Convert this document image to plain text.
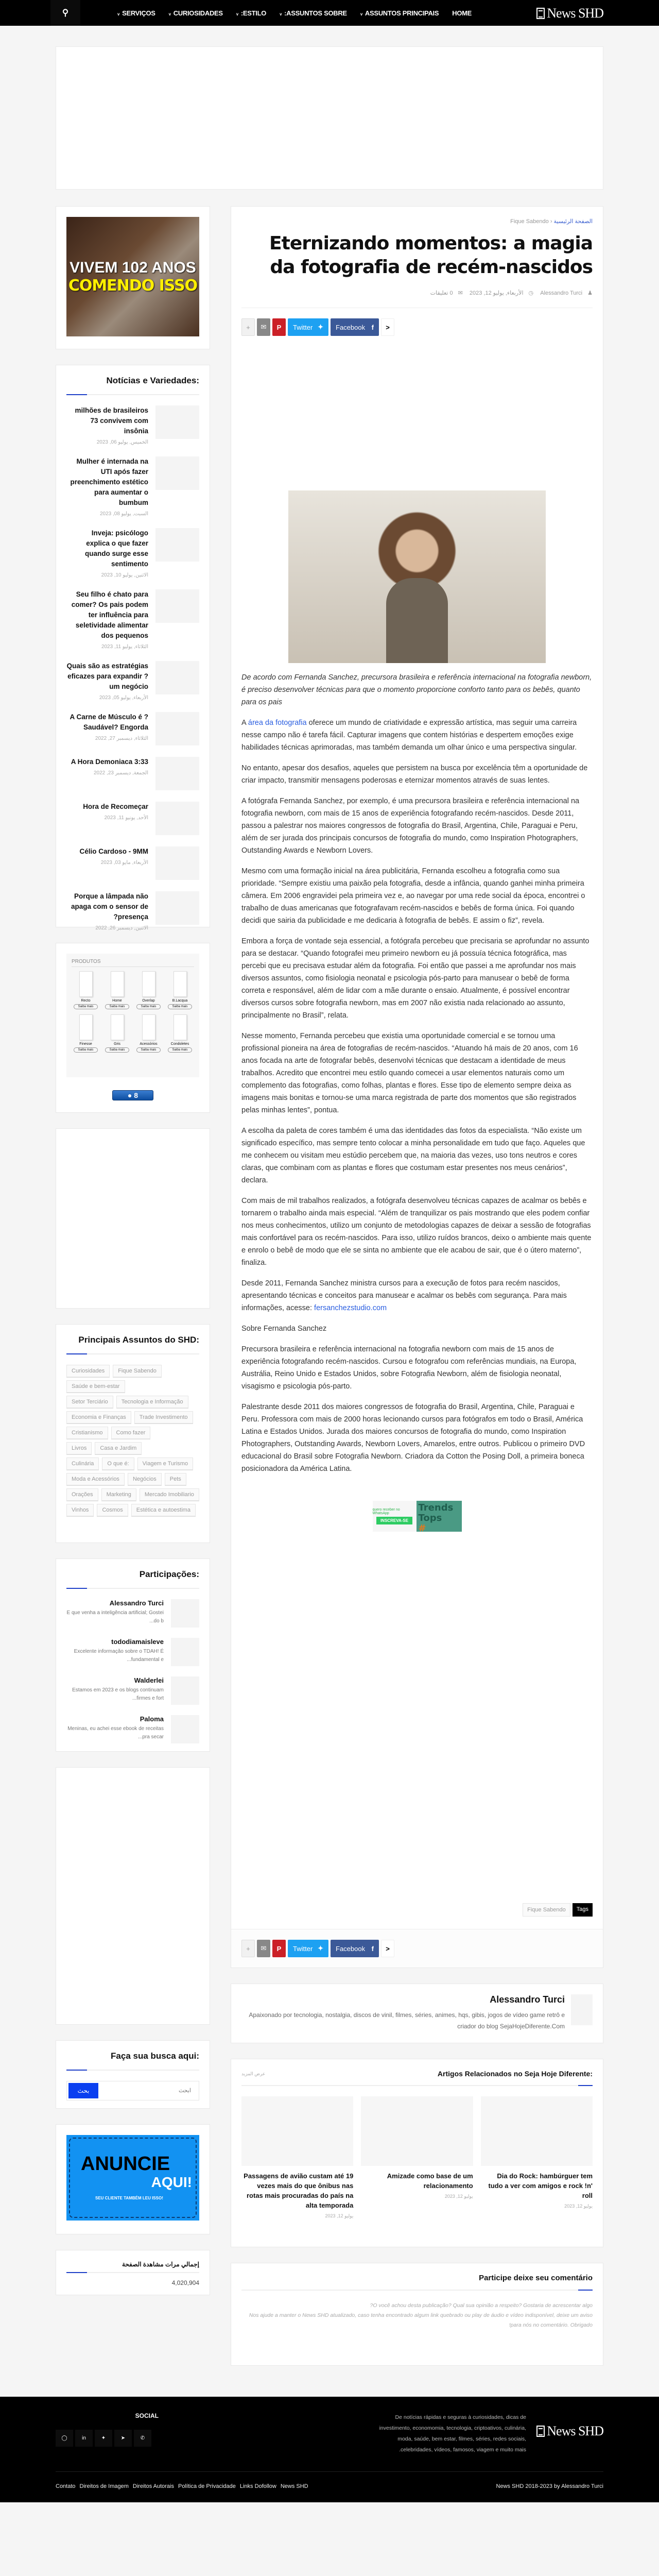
⚲	v SERVIÇOS	v CURIOSIDADES	v :ESTILO	v :ASSUNTOS SOBRE	v ASSUNTOS PRINCIPAIS HOME	News SHD
VIVEM 102 ANOS
COMENDO ISSO
:Notícias e Variedades
milhões de brasileiros 73 convivem com insônia
الخميس, يوليو 06, 2023
Mulher é internada na UTI após fazer preenchimento estético para aumentar o bumbum
السبت, يوليو 08, 2023
Inveja: psicólogo explica o que fazer quando surge esse sentimento
الاثنين, يوليو 10, 2023
Seu filho é chato para comer? Os pais podem ter influência para seletividade alimentar dos pequenos
الثلاثاء, يوليو 11, 2023
Quais são as estratégias eficazes para expandir ?um negócio
الأربعاء, يوليو 05, 2023
A Carne de Músculo é ?Saudável? Engorda
الثلاثاء, ديسمبر 27, 2022
A Hora Demoniaca 3:33
الجمعة, ديسمبر 23, 2022
Hora de Recomeçar
الأحد, يونيو 11, 2023
Célio Cardoso - 9MM
الأربعاء, مايو 03, 2023
Porque a lâmpada não apaga com o sensor de ?presença
الاثنين, ديسمبر 26, 2022
PRODUTOS
Recto
Saiba mais
Home
Saiba mais
Overlap
Saiba mais
B.Lacqua
Saiba mais
Finesse
Saiba mais
Gris
Saiba mais
Acessórios
Saiba mais
Condoletes
Saiba mais
● 8
:Principais Assuntos do SHD
Fique Sabendo
Curiosidades
Saúde e bem-estar
Tecnologia e Informação
Setor Terciário
Trade Investimento
Economia e Finanças
Como fazer
Cristianismo
Casa e Jardim
Livros
Viagem e Turismo
:O que é
Culinária
Pets
Negócios
Moda e Acessórios
Mercado Imobiliario
Marketing
Orações
Estética e autoestima
Cosmos
Vinhos
:Participações
Alessandro Turci
E que venha a inteligência artificial; Gostei do b...
tododiamaisleve
Excelente informação sobre o TDAH! É fundamental e...
Walderlei
Estamos em 2023 e os blogs continuam firmes e fort...
Paloma
Meninas, eu achei esse ebook de receitas pra secar...
:Faça sua busca aqui
بحث
ابحث
ANUNCIE
AQUI!
SEU CLIENTE TAMBÉM LEU ISSO!
إجمالي مرات مشاهدة الصفحة
4,020,904
الصفحة الرئيسية ‹ Fique Sabendo
Eternizando momentos: a magia da fotografia de recém-nascidos
♟Alessandro Turci ◷الأربعاء, يوليو 12, 2023 ✉0 تعليقات
<
f
Facebook
✦
Twitter
P
✉
+

De acordo com Fernanda Sanchez, precursora brasileira e referência internacional na fotografia newborn, é preciso desenvolver técnicas para que o momento proporcione conforto tanto para os bebês, quanto para os pais

A área da fotografia oferece um mundo de criatividade e expressão artística, mas seguir uma carreira nesse campo não é tarefa fácil. Capturar imagens que contem histórias e despertem emoções exige habilidades técnicas aprimoradas, mas também demanda um olhar único e uma perspectiva singular.

No entanto, apesar dos desafios, aqueles que persistem na busca por excelência têm a oportunidade de criar impacto, transmitir mensagens poderosas e eternizar momentos através de suas lentes.

A fotógrafa Fernanda Sanchez, por exemplo, é uma precursora brasileira e referência internacional na fotografia newborn, com mais de 15 anos de experiência fotografando recém-nascidos. Desde 2011, passou a palestrar nos maiores congressos de fotografia do Brasil, Argentina, Chile, Paraguai e Peru, além de ser jurada dos principais concursos de fotografia do mundo, como Inspiration Photographers, Outstanding Awards e Newborn Lovers.

Mesmo com uma formação inicial na área publicitária, Fernanda escolheu a fotografia como sua prioridade. “Sempre existiu uma paixão pela fotografia, desde a infância, quando ganhei minha primeira câmera. Em 2006 engravidei pela primeira vez e, ao navegar por uma rede social da época, encontrei o trabalho de duas americanas que fotografavam recém-nascidos e bebês de forma única. Foi quando decidi que sairia da publicidade e me dedicaria à fotografia de bebês. E assim o fiz”, revela.

Embora a força de vontade seja essencial, a fotógrafa percebeu que precisaria se aprofundar no assunto para se destacar. “Quando fotografei meu primeiro newborn eu já possuía técnica fotográfica, mas percebi que eu precisava estudar além da fotografia. Foi então que passei a me aprofundar nos mais diversos assuntos, como fisiologia neonatal e psicologia pós-parto para manusear o bebê de forma correta e responsável, além de lidar com a mãe durante o ensaio. Atualmente, é possível encontrar diversos cursos sobre fotografia newborn, mas em 2007 não existia nada relacionado ao assunto, principalmente no Brasil”, relata.

Nesse momento, Fernanda percebeu que existia uma oportunidade comercial e se tornou uma profissional pioneira na área de fotografias de recém-nascidos. “Atuando há mais de 20 anos, com 16 anos focada na arte de fotografar bebês, desenvolvi técnicas que destacam a identidade de meus trabalhos. Acredito que encontrei meu estilo quando comecei a usar elementos naturais como um complemento das fotografias, como folhas, plantas e flores. Esse tipo de elemento sempre deixa as imagens mais bonitas e tornou-se uma marca registrada de parte dos momentos que são registrados pelas minhas lentes”, pontua.

A escolha da paleta de cores também é uma das identidades das fotos da especialista. “Não existe um significado específico, mas sempre tento colocar a minha personalidade em tudo que faço. Aqueles que me conhecem ou visitam meu estúdio percebem que, na maioria das vezes, uso tons neutros e cores claras, que combinam com as plantas e flores que costumam estar presentes nos meus cenários”, declara.

Com mais de mil trabalhos realizados, a fotógrafa desenvolveu técnicas capazes de acalmar os bebês e tornarem o trabalho ainda mais especial. “Além de tranquilizar os pais mostrando que eles podem confiar nos meus conhecimentos, utilizo um conjunto de metodologias capazes de deixar a sessão de fotografias mais confortável para os recém-nascidos. Para isso, utilizo ruídos brancos, deixo o ambiente mais quente e enrolo o bebê de modo que ele se sinta no ambiente que ele acabou de sair, que é o útero materno”, finaliza.

Desde 2011, Fernanda Sanchez ministra cursos para a execução de fotos para recém nascidos, apresentando técnicas e conceitos para manusear e acalmar os bebês com segurança. Para mais informações, acesse: fersanchezstudio.com

Sobre Fernanda Sanchez

Precursora brasileira e referência internacional na fotografia newborn com mais de 15 anos de experiência fotografando recém-nascidos. Cursou e fotografou com referências mundiais, na Europa, Austrália, Reino Unido e Estados Unidos, sobre Fotografia Newborn, além de fisiologia neonatal, visagismo e psicologia pós-parto.

Palestrante desde 2011 dos maiores congressos de fotografia do Brasil, Argentina, Chile, Paraguai e Peru. Professora com mais de 2000 horas lecionando cursos para fotógrafos em todo o Brasil, América Latina e Estados Unidos. Jurada dos maiores concursos de fotografia do mundo, como Inspiration Photographers, Outstanding Awards, Newborn Lovers, Amarelos, entre outros. Publicou o primeiro DVD educacional do Brasil sobre Fotografia Newborn. Criadora da Cotton the Posing Doll, a primeira boneca posicionadora da América Latina.

quero receber no WhatsApp
INSCREVA-SE
Trends
Tops
#
Fique Sabendo	Tags
<
f
Facebook
✦
Twitter
P
✉
+
Alessandro Turci
Apaixonado por tecnologia, nostalgia, discos de vinil, filmes, séries, animes, hqs, gibis, jogos de vídeo game retrô e criador do blog SejaHojeDiferente.Com
عرض المزيد	:Artigos Relacionados no Seja Hoje Diferente
Dia do Rock: hambúrguer tem tudo a ver com amigos e rock !n' roll
يوليو 12, 2023
Amizade como base de um relacionamento
يوليو 12, 2023
Passagens de avião custam até 19 vezes mais do que ônibus nas rotas mais procuradas do país na alta temporada
يوليو 12, 2023
Participe deixe seu comentário

O você achou desta publicação? Qual sua opinião a respeito? Gostaria de acrescentar algo?

Nos ajude a manter o News SHD atualizado, caso tenha encontrado algum link quebrado ou play de áudio e vídeo indisponível, deixe um aviso para nós no comentário. Obrigado!

SOCIAL
◯	in	✦	➤	✆
De notícias rápidas e seguras à curiosidades, dicas de investimento, economomia, tecnologia, criptoativos, culinária, moda, saúde, bem estar, filmes, séries, redes sociais, celebridades, vídeos, famosos, viagem e muito mais.
News SHD
Contato Direitos de Imagem Direitos Autorais Política de Privacidade Links Dofollow News SHD	News SHD 2018-2023 by Alessandro Turci
